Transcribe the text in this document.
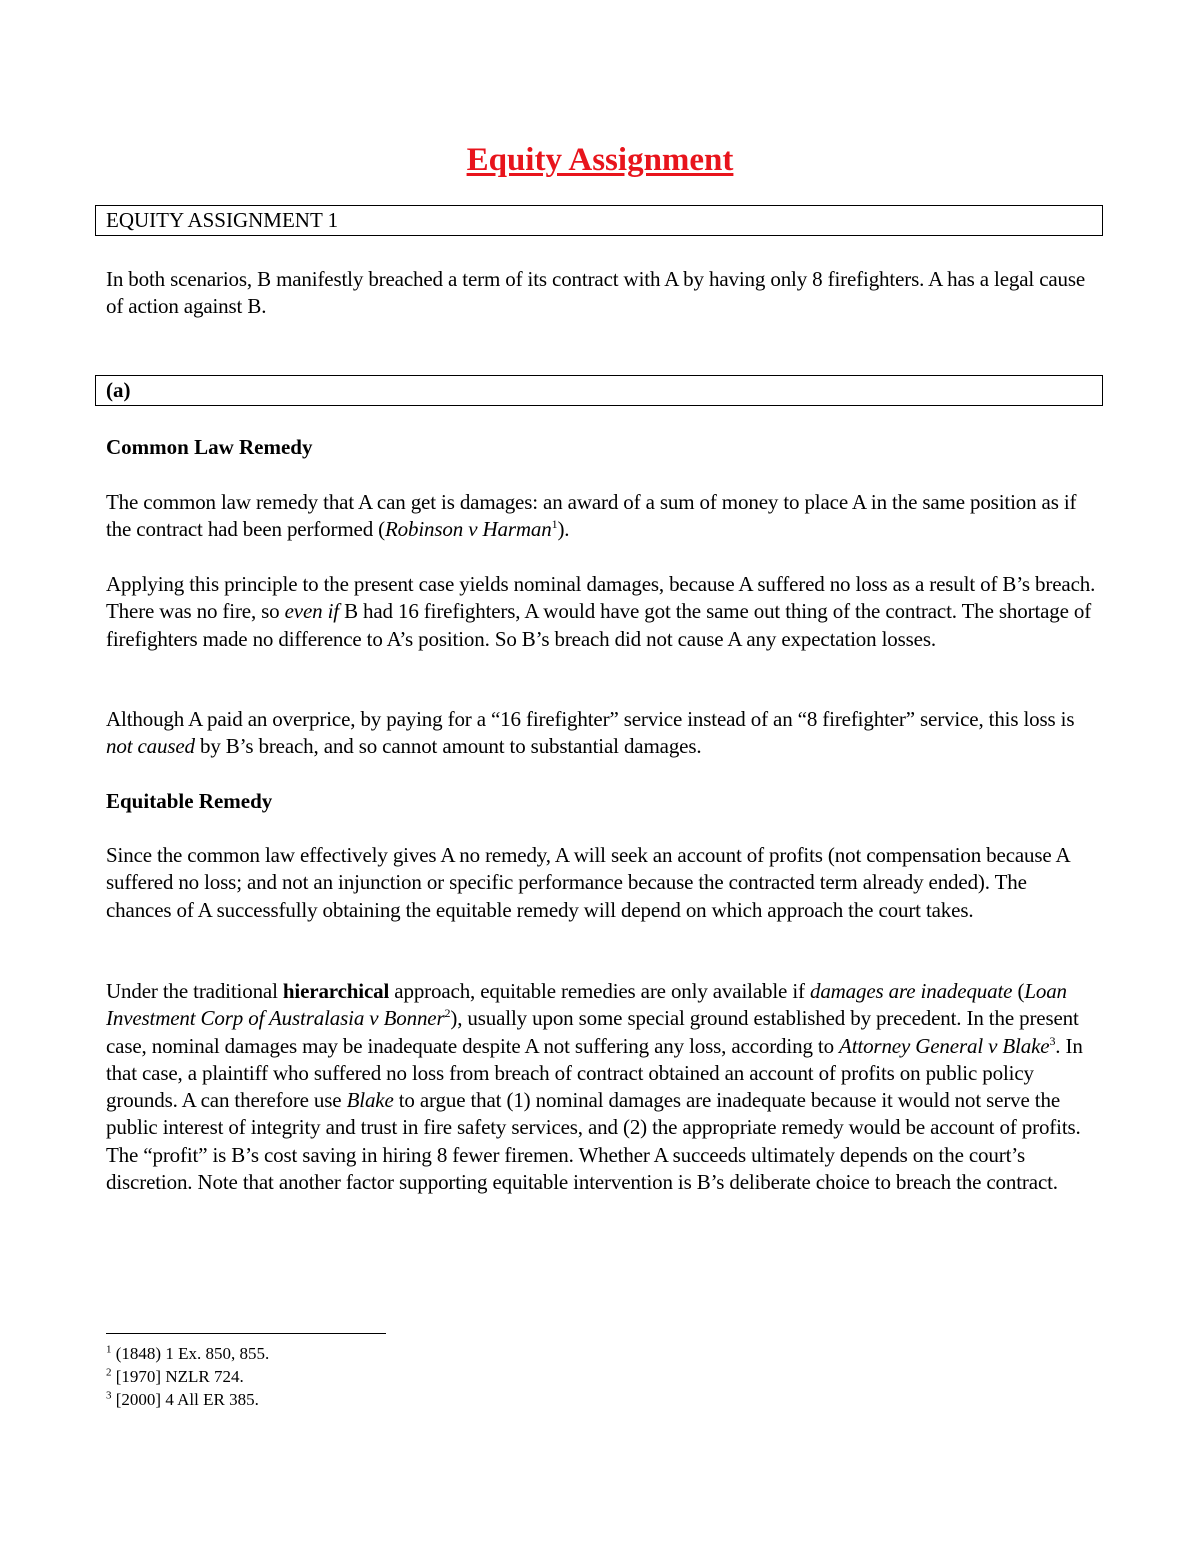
Equity Assignment
EQUITY ASSIGNMENT 1

In both scenarios, B manifestly breached a term of its contract with A by having only 8 firefighters. A has a legal cause of action against B.

(a)
Common Law Remedy

The common law remedy that A can get is damages: an award of a sum of money to place A in the same position as if the contract had been performed (Robinson v Harman$^1$).

Applying this principle to the present case yields nominal damages, because A suffered no loss as a result of B’s breach. There was no fire, so even if B had 16 firefighters, A would have got the same out thing of the contract. The shortage of firefighters made no difference to A’s position. So B’s breach did not cause A any expectation losses.

Although A paid an overprice, by paying for a “16 firefighter” service instead of an “8 firefighter” service, this loss is not caused by B’s breach, and so cannot amount to substantial damages.

Equitable Remedy

Since the common law effectively gives A no remedy, A will seek an account of profits (not compensation because A suffered no loss; and not an injunction or specific performance because the contracted term already ended). The chances of A successfully obtaining the equitable remedy will depend on which approach the court takes.

Under the traditional hierarchical approach, equitable remedies are only available if damages are inadequate (Loan Investment Corp of Australasia v Bonner$^2$), usually upon some special ground established by precedent. In the present case, nominal damages may be inadequate despite A not suffering any loss, according to Attorney General v Blake$^3$. In that case, a plaintiff who suffered no loss from breach of contract obtained an account of profits on public policy grounds. A can therefore use Blake to argue that (1) nominal damages are inadequate because it would not serve the public interest of integrity and trust in fire safety services, and (2) the appropriate remedy would be account of profits. The “profit” is B’s cost saving in hiring 8 fewer firemen. Whether A succeeds ultimately depends on the court’s discretion. Note that another factor supporting equitable intervention is B’s deliberate choice to breach the contract.

$^1$ (1848) 1 Ex. 850, 855.
$^2$ [1970] NZLR 724.
$^3$ [2000] 4 All ER 385.
